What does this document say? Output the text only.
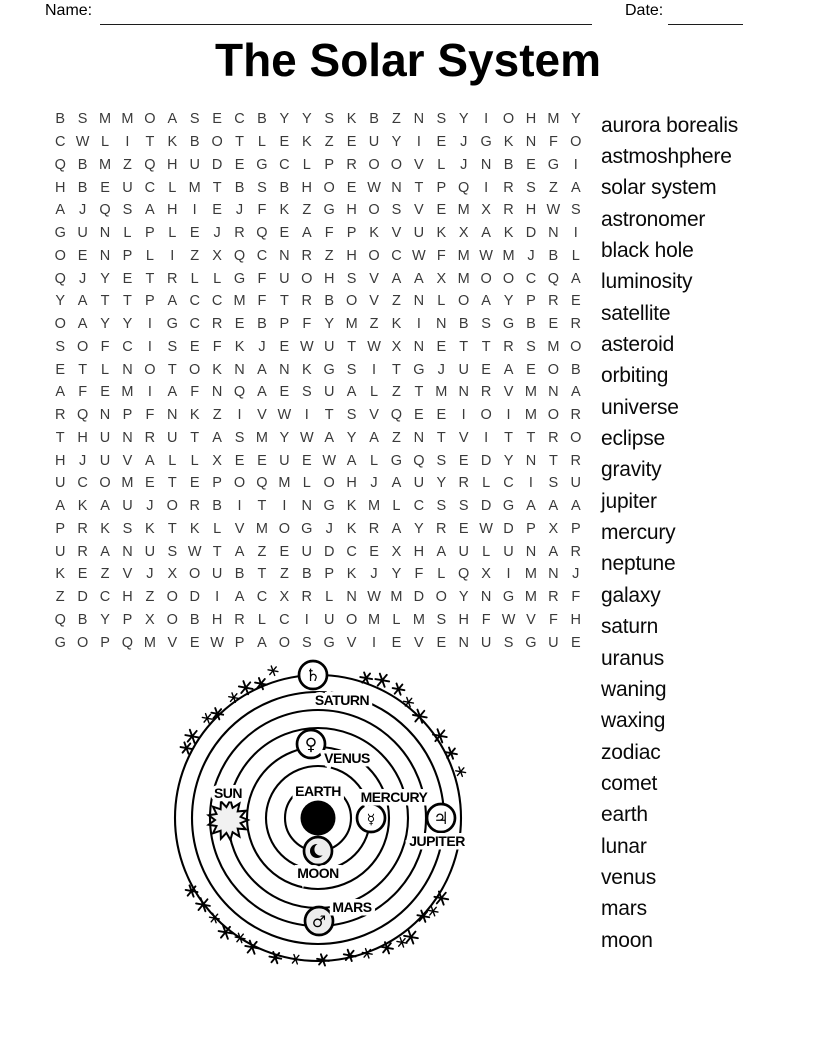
Name:	Date:
The Solar System
B S M M O A S E C B Y Y S K B Z N S Y	I	O H M Y
C W L	I	T K B O T L E K Z E U Y	I	E J G K N F O
Q B M Z Q H U D E G C L P R O O V L	J N B E G	I
H B E U C L M T B S B H O E W N T P Q	I	R S Z A
A J Q S A H	I	E J F K Z G H O S V E M X R H W S
G U N L P L E J R Q E A F P K V U K X A K D N	I
O E N P L	I	Z X Q C N R Z H O C W F M W M J B L
Q J Y E T R L L G F U O H S V A A X M O O C Q A
Y A T T P A C C M F T R B O V Z N L O A Y P R E
O A Y Y	I	G C R E B P F Y M Z K	I	N B S G B E R
S O F C	I	S E F K J E W U T W X N E T T R S M O
E T L N O T O K N A N K G S	I	T G J U E A E O B
A F E M I	A F N Q A E S U A L Z T M N R V M N A
R Q N P F N K Z	I	V W I	T S V Q E E	I	O	I M O R
T H U N R U T A S M Y W A Y A Z N T V	I	T T R O
H J U V A L L X E E U E W A L G Q S E D Y N T R
U C O M E T E P O Q M L O H J A U Y R L C	I	S U
A K A U J O R B	I	T	I	N G K M L C S S D G A A A
P R K S K T K L V M O G J K R A Y R E W D P X P
U R A N U S W T A Z E U D C E X H A U L U N A R
K E Z V J X O U B T Z B P K J Y F L Q X	I M N J
Z D C H Z O D	I	A C X R L N W M D O Y N G M R F
Q B Y P X O B H R L C	I	U O M L M S H F W V F H
G O P Q M V E W P A O S G V	I	E V E N U S G U E
aurora borealis
astmoshphere
solar system
astronomer
black hole
luminosity
satellite
asteroid
orbiting
universe
eclipse
gravity
jupiter
mercury
neptune
galaxy
saturn
uranus
waning
waxing
zodiac
comet
earth
lunar
venus
mars
moon
♄
♀
☿	♃
♂
SATURN
VENUS
EARTH MERCURY
SUN
JUPITER
MOON
MARS
